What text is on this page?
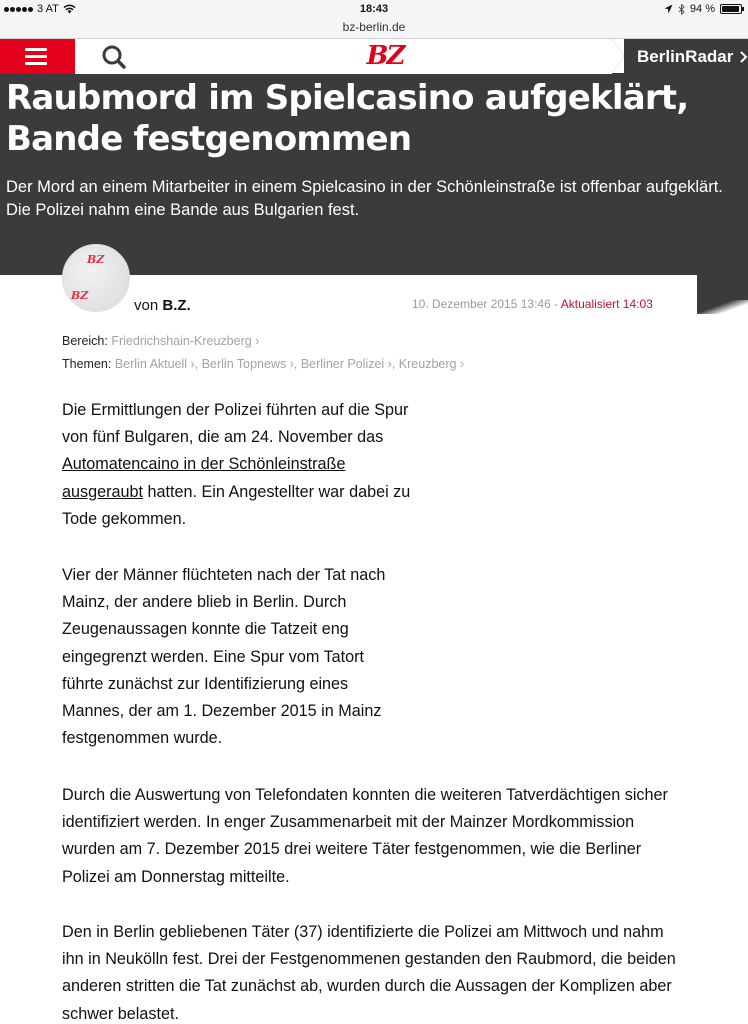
3 AT	18:43	94 %
bz-berlin.de
BZ	BerlinRadar
Raubmord im Spielcasino aufgeklärt, Bande festgenommen

Der Mord an einem Mitarbeiter in einem Spielcasino in der Schönleinstraße ist offenbar aufgeklärt. Die Polizei nahm eine Bande aus Bulgarien fest.

BZ
BZ
von B.Z.	10. Dezember 2015 13:46 - Aktualisiert 14:03
Bereich: Friedrichshain-Kreuzberg ›
Themen: Berlin Aktuell ›, Berlin Topnews ›, Berliner Polizei ›, Kreuzberg ›

Die Ermittlungen der Polizei führten auf die Spur von fünf Bulgaren, die am 24. November das Automatencaino in der Schönleinstraße ausgeraubt hatten. Ein Angestellter war dabei zu Tode gekommen.

Vier der Männer flüchteten nach der Tat nach Mainz, der andere blieb in Berlin. Durch Zeugenaussagen konnte die Tatzeit eng eingegrenzt werden. Eine Spur vom Tatort führte zunächst zur Identifizierung eines Mannes, der am 1. Dezember 2015 in Mainz festgenommen wurde.

Durch die Auswertung von Telefondaten konnten die weiteren Tatverdächtigen sicher identifiziert werden. In enger Zusammenarbeit mit der Mainzer Mordkommission wurden am 7. Dezember 2015 drei weitere Täter festgenommen, wie die Berliner Polizei am Donnerstag mitteilte.

Den in Berlin gebliebenen Täter (37) identifizierte die Polizei am Mittwoch und nahm ihn in Neukölln fest. Drei der Festgenommenen gestanden den Raubmord, die beiden anderen stritten die Tat zunächst ab, wurden durch die Aussagen der Komplizen aber schwer belastet.
